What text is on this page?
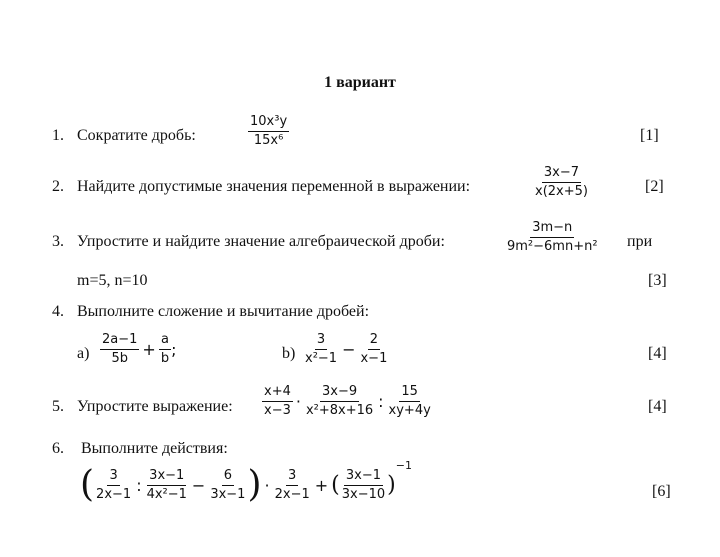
1 вариант
1. Сократите дробь:	$\frac{\text{10x³y}}{\text{15x⁶}}$	[1]
2. Найдите допустимые значения переменной в выражении:	$\frac{3x-7}{x(2x+5)}$	[2]
3. Упростите и найдите значение алгебраической дроби:	$\frac{3m-n}{\text{9m²−6mn+n²}}$ при
m=5, n=10	[3]
4. Выполните сложение и вычитание дробей:
$a) \frac{2a-1}{5b} + \frac{a}{b}$ ;	$b) \frac{3}{\text{x²−1}} - \frac{2}{x-1}$	[4]
5. Упростите выражение: $\frac{x+4}{x-3} \cdot \frac{3x-9}{\text{x²+8x+16}}$ : $\frac{15}{xy+4y}$	[4]
6. Выполните действия:
( $\frac{3}{2x-1}$ : $\frac{3x-1}{\text{4x²−1}} - \frac{6}{3x-1}$ ) · $\frac{3}{2x-1}$ + ( $\frac{3x-1}{3x-10} )^{-1}$
[6]
